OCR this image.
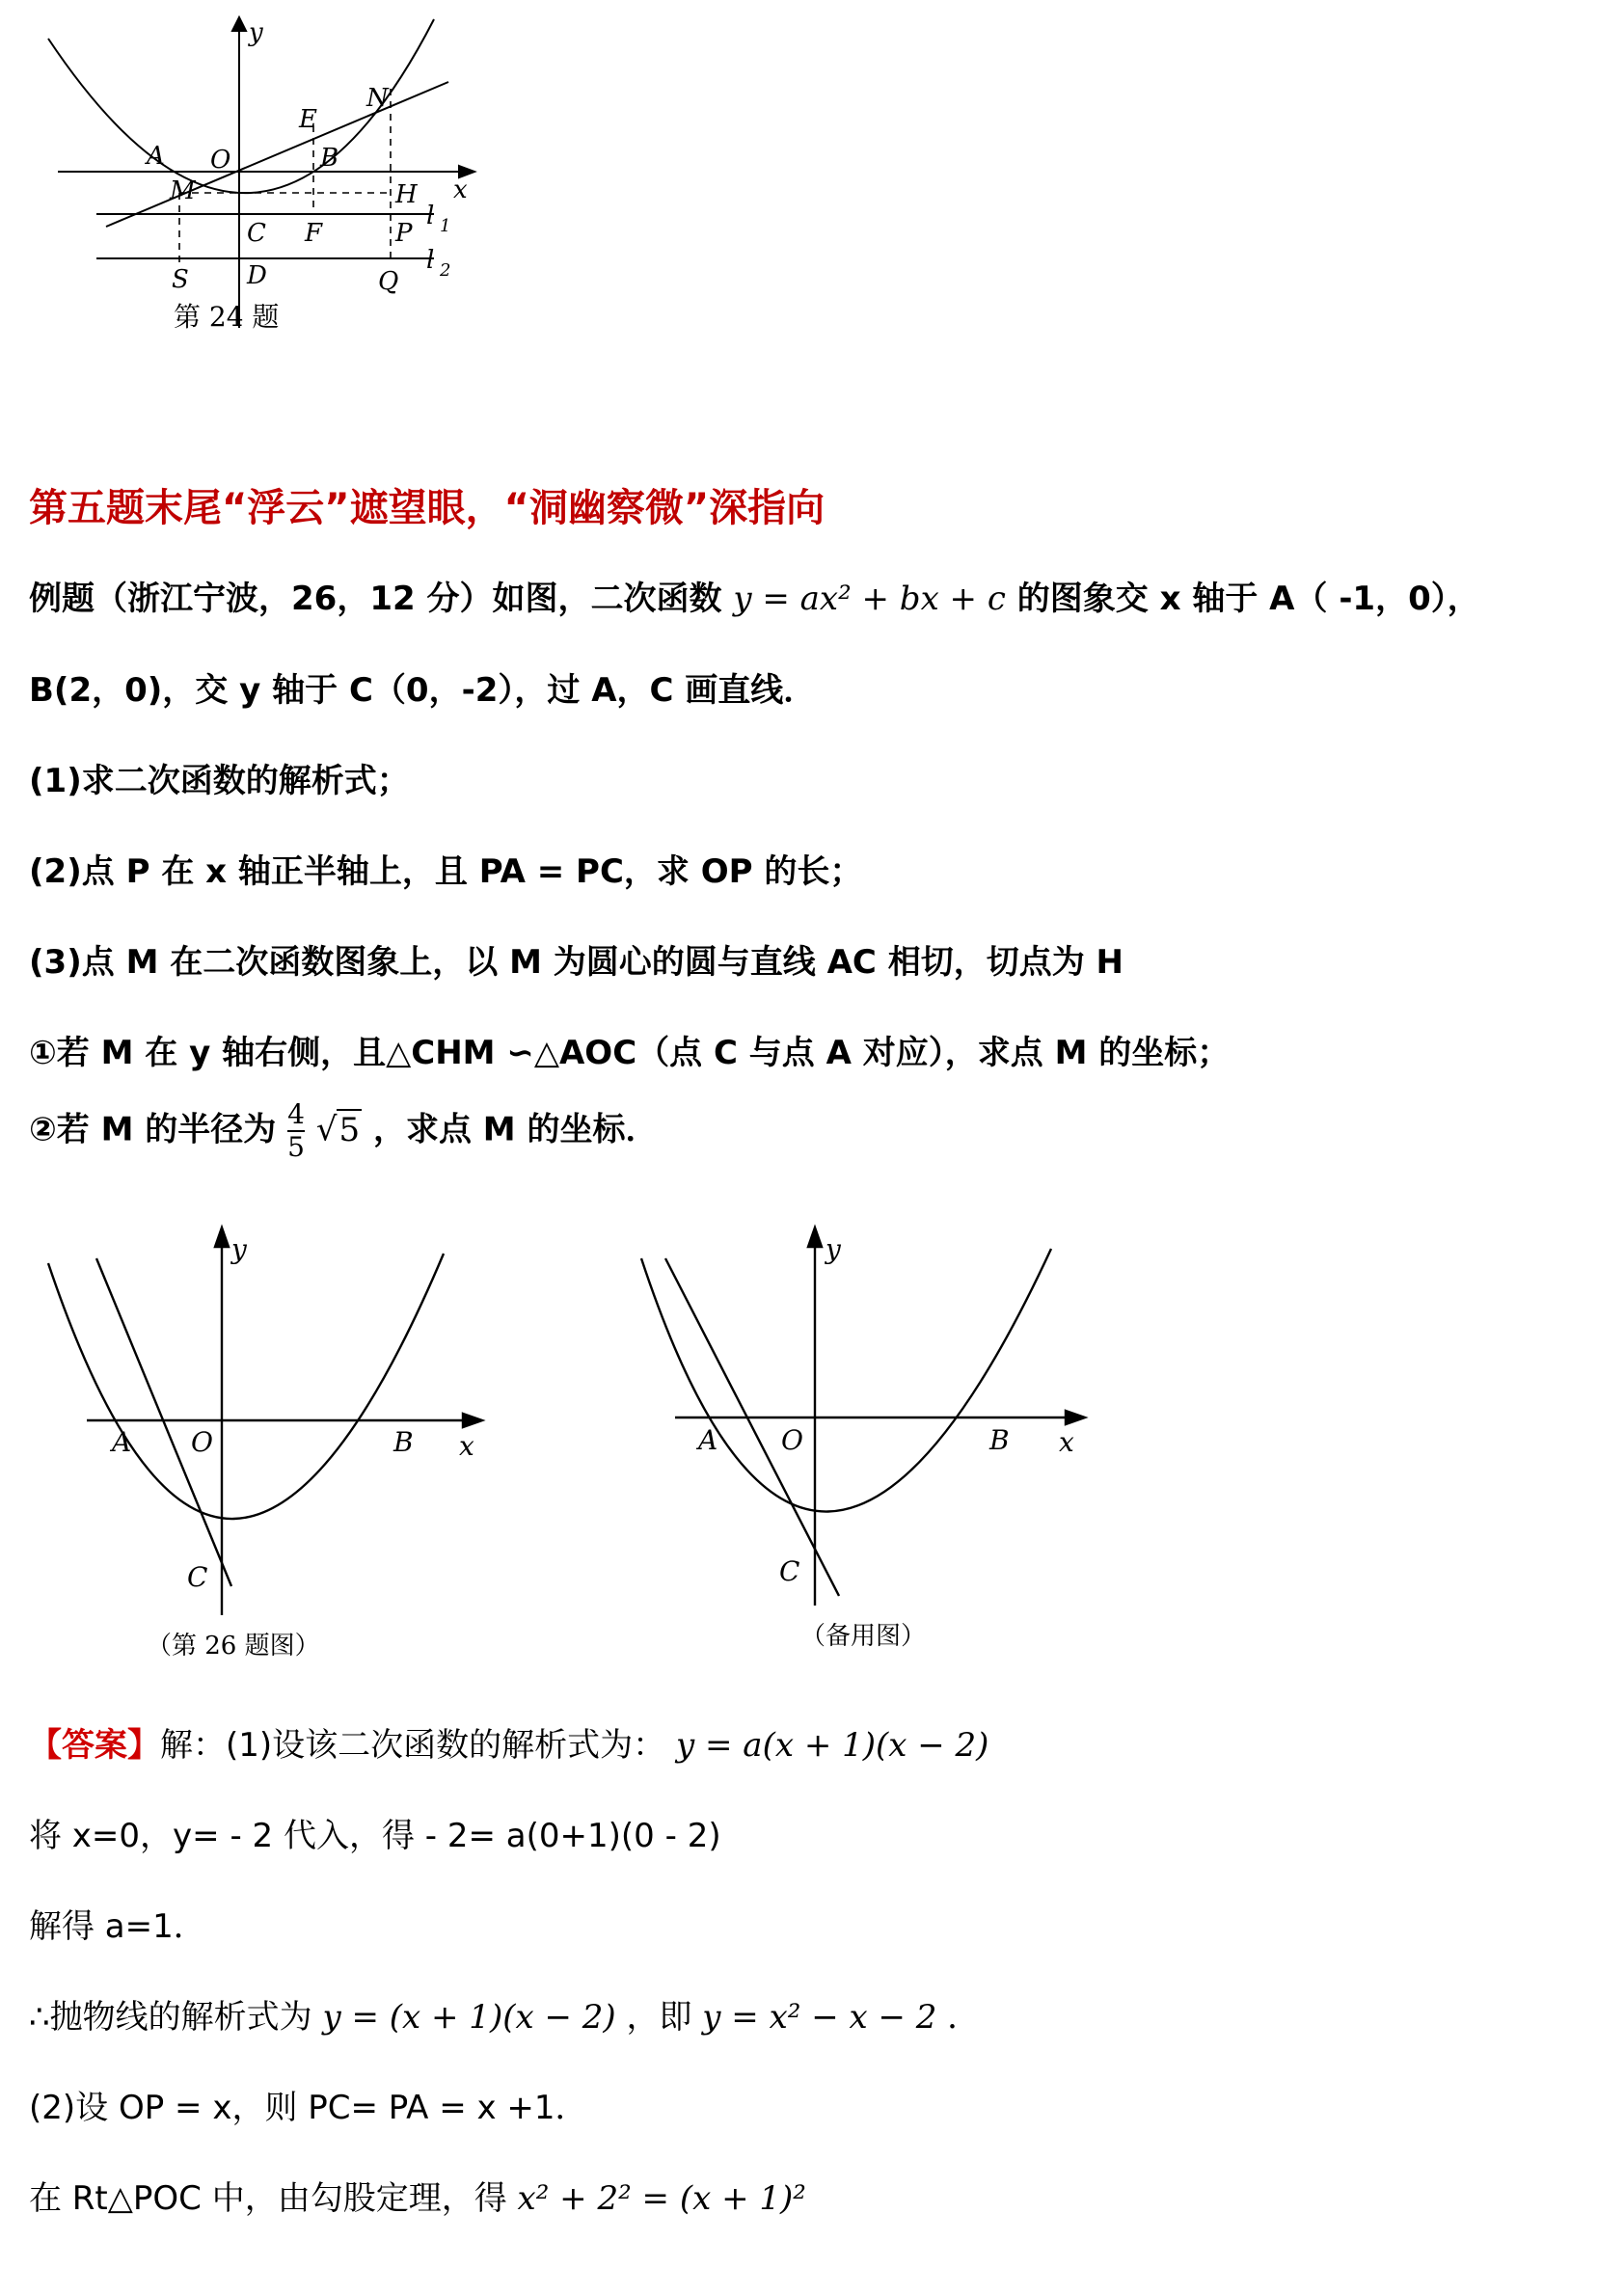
y
x
A O
E
B
N
M	H
C F	P
l 1
l 2
S D	Q
第 24 题
第五题末尾“浮云”遮望眼，“洞幽察微”深指向
例题（浙江宁波，26，12 分）如图，二次函数 y = ax² + bx + c 的图象交 x 轴于 A（ -1，0），
B(2，0)，交 y 轴于 C（0，-2），过 A，C 画直线．
(1)求二次函数的解析式；
(2)点 P 在 x 轴正半轴上，且 PA = PC，求 OP 的长；
(3)点 M 在二次函数图象上，以 M 为圆心的圆与直线 AC 相切，切点为 H
①若 M 在 y 轴右侧，且△CHM ∽△AOC（点 C 与点 A 对应），求点 M 的坐标；
②若 M 的半径为 $\frac{4}{5} √5$ ，求点 M 的坐标．
y
x
A O	B
C
（第 26 题图）
y
x
A O	B
C
（备用图）
【答案】解：(1)设该二次函数的解析式为： y = a(x + 1)(x − 2)
将 x=0，y= - 2 代入，得 - 2= a(0+1)(0 - 2)
解得 a=1．
∴抛物线的解析式为 y = (x + 1)(x − 2) ，即 y = x² − x − 2 ．
(2)设 OP = x，则 PC= PA = x +1．
在 Rt△POC 中，由勾股定理，得 x² + 2² = (x + 1)²
